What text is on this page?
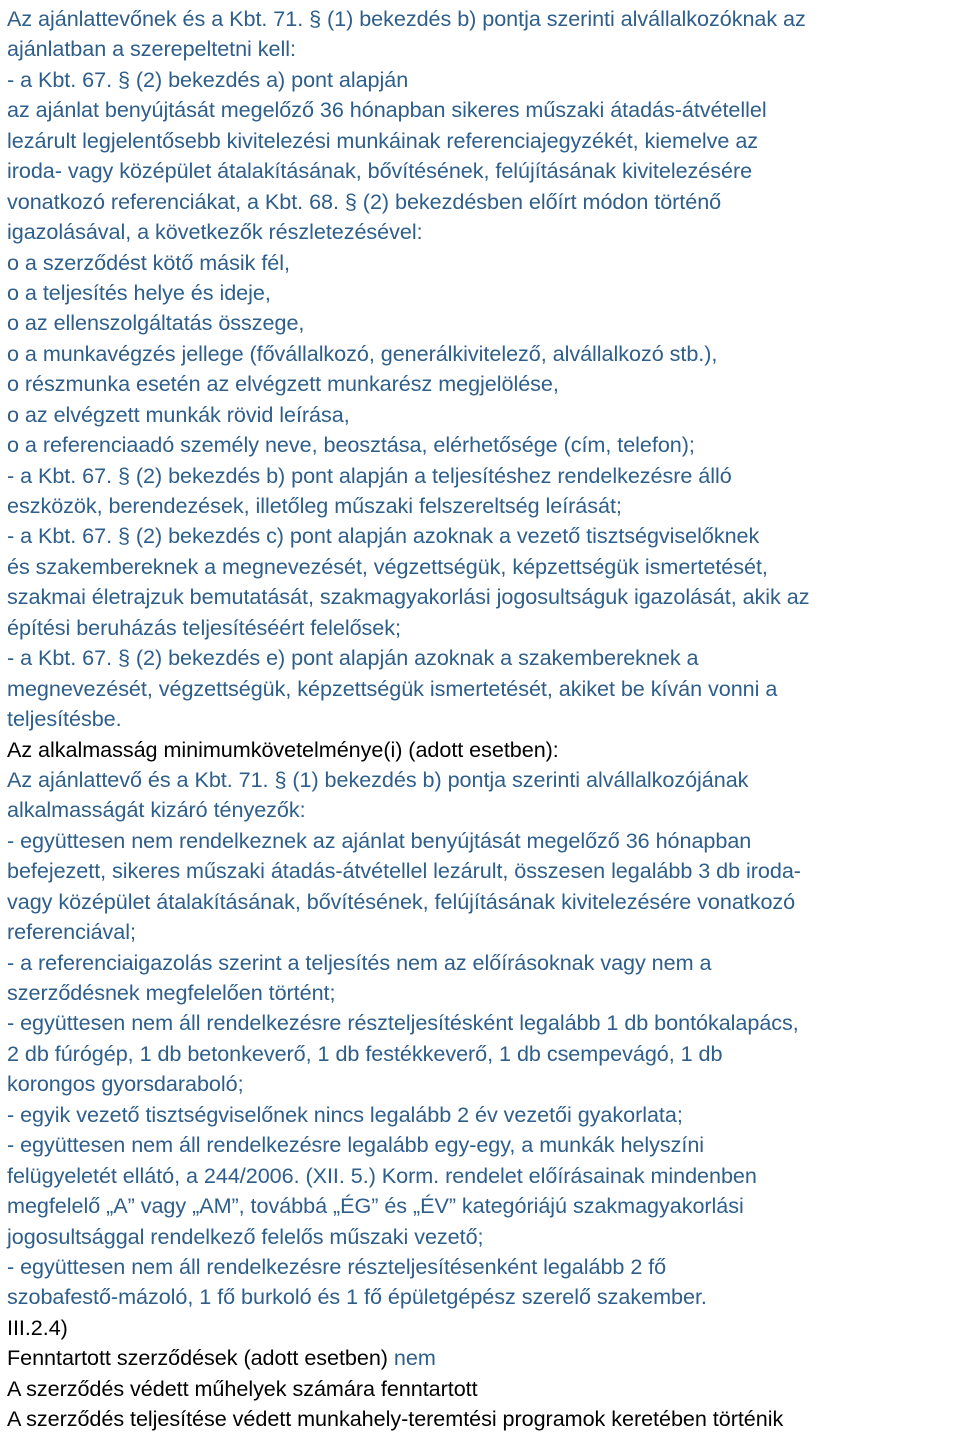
Az ajánlattevőnek és a Kbt. 71. § (1) bekezdés b) pontja szerinti alvállalkozóknak az
ajánlatban a szerepeltetni kell:
- a Kbt. 67. § (2) bekezdés a) pont alapján
az ajánlat benyújtását megelőző 36 hónapban sikeres műszaki átadás-átvétellel
lezárult legjelentősebb kivitelezési munkáinak referenciajegyzékét, kiemelve az
iroda- vagy középület átalakításának, bővítésének, felújításának kivitelezésére
vonatkozó referenciákat, a Kbt. 68. § (2) bekezdésben előírt módon történő
igazolásával, a következők részletezésével:
o a szerződést kötő másik fél,
o a teljesítés helye és ideje,
o az ellenszolgáltatás összege,
o a munkavégzés jellege (fővállalkozó, generálkivitelező, alvállalkozó stb.),
o részmunka esetén az elvégzett munkarész megjelölése,
o az elvégzett munkák rövid leírása,
o a referenciaadó személy neve, beosztása, elérhetősége (cím, telefon);
- a Kbt. 67. § (2) bekezdés b) pont alapján a teljesítéshez rendelkezésre álló
eszközök, berendezések, illetőleg műszaki felszereltség leírását;
- a Kbt. 67. § (2) bekezdés c) pont alapján azoknak a vezető tisztségviselőknek
és szakembereknek a megnevezését, végzettségük, képzettségük ismertetését,
szakmai életrajzuk bemutatását, szakmagyakorlási jogosultságuk igazolását, akik az
építési beruházás teljesítéséért felelősek;
- a Kbt. 67. § (2) bekezdés e) pont alapján azoknak a szakembereknek a
megnevezését, végzettségük, képzettségük ismertetését, akiket be kíván vonni a
teljesítésbe.
Az alkalmasság minimumkövetelménye(i) (adott esetben):
Az ajánlattevő és a Kbt. 71. § (1) bekezdés b) pontja szerinti alvállalkozójának
alkalmasságát kizáró tényezők:
- együttesen nem rendelkeznek az ajánlat benyújtását megelőző 36 hónapban
befejezett, sikeres műszaki átadás-átvétellel lezárult, összesen legalább 3 db iroda-
vagy középület átalakításának, bővítésének, felújításának kivitelezésére vonatkozó
referenciával;
- a referenciaigazolás szerint a teljesítés nem az előírásoknak vagy nem a
szerződésnek megfelelően történt;
- együttesen nem áll rendelkezésre részteljesítésként legalább 1 db bontókalapács,
2 db fúrógép, 1 db betonkeverő, 1 db festékkeverő, 1 db csempevágó, 1 db
korongos gyorsdaraboló;
- egyik vezető tisztségviselőnek nincs legalább 2 év vezetői gyakorlata;
- együttesen nem áll rendelkezésre legalább egy-egy, a munkák helyszíni
felügyeletét ellátó, a 244/2006. (XII. 5.) Korm. rendelet előírásainak mindenben
megfelelő „A” vagy „AM”, továbbá „ÉG” és „ÉV” kategóriájú szakmagyakorlási
jogosultsággal rendelkező felelős műszaki vezető;
- együttesen nem áll rendelkezésre részteljesítésenként legalább 2 fő
szobafestő-mázoló, 1 fő burkoló és 1 fő épületgépész szerelő szakember.
III.2.4)
Fenntartott szerződések (adott esetben) nem
A szerződés védett műhelyek számára fenntartott
A szerződés teljesítése védett munkahely-teremtési programok keretében történik
